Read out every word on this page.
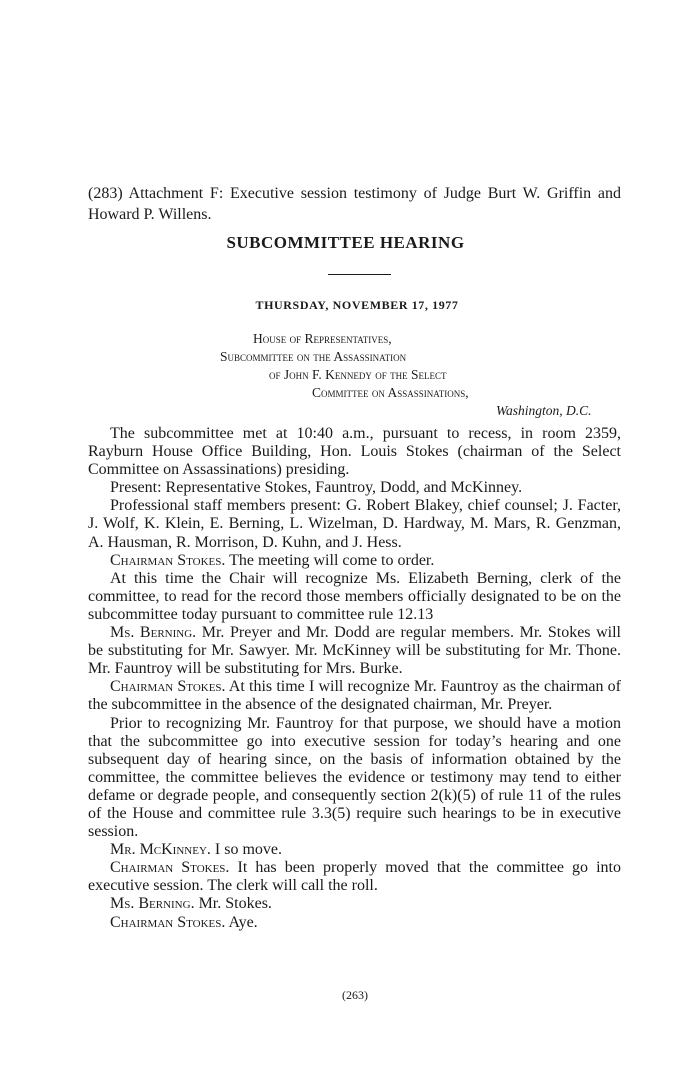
(283) Attachment F: Executive session testimony of Judge Burt W. Griffin and Howard P. Willens.

SUBCOMMITTEE HEARING

THURSDAY, NOVEMBER 17, 1977

House of Representatives,
Subcommittee on the Assassination
of John F. Kennedy of the Select
Committee on Assassinations,
Washington, D.C.

The subcommittee met at 10:40 a.m., pursuant to recess, in room 2359, Rayburn House Office Building, Hon. Louis Stokes (chairman of the Select Committee on Assassinations) presiding.

Present: Representative Stokes, Fauntroy, Dodd, and McKinney.

Professional staff members present: G. Robert Blakey, chief counsel; J. Facter, J. Wolf, K. Klein, E. Berning, L. Wizelman, D. Hardway, M. Mars, R. Genzman, A. Hausman, R. Morrison, D. Kuhn, and J. Hess.

Chairman Stokes. The meeting will come to order.

At this time the Chair will recognize Ms. Elizabeth Berning, clerk of the committee, to read for the record those members officially designated to be on the subcommittee today pursuant to committee rule 12.13

Ms. Berning. Mr. Preyer and Mr. Dodd are regular members. Mr. Stokes will be substituting for Mr. Sawyer. Mr. McKinney will be substituting for Mr. Thone. Mr. Fauntroy will be substituting for Mrs. Burke.

Chairman Stokes. At this time I will recognize Mr. Fauntroy as the chairman of the subcommittee in the absence of the designated chairman, Mr. Preyer.

Prior to recognizing Mr. Fauntroy for that purpose, we should have a motion that the subcommittee go into executive session for today’s hearing and one subsequent day of hearing since, on the basis of information obtained by the committee, the committee believes the evidence or testimony may tend to either defame or degrade people, and consequently section 2(k)(5) of rule 11 of the rules of the House and committee rule 3.3(5) require such hearings to be in executive session.

Mr. McKinney. I so move.

Chairman Stokes. It has been properly moved that the committee go into executive session. The clerk will call the roll.

Ms. Berning. Mr. Stokes.

Chairman Stokes. Aye.

(263)
